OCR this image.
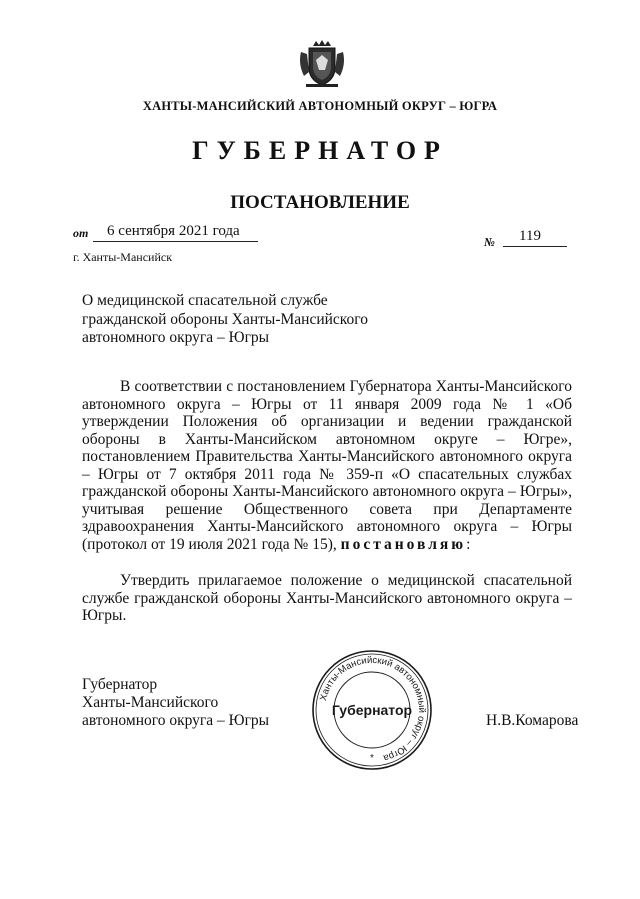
ХАНТЫ-МАНСИЙСКИЙ АВТОНОМНЫЙ ОКРУГ – ЮГРА
ГУБЕРНАТОР
ПОСТАНОВЛЕНИЕ
от 6 сентября 2021 года
№ 119
г. Ханты-Мансийск
О медицинской спасательной службе
гражданской обороны Ханты-Мансийского
автономного округа – Югры
В соответствии с постановлением Губернатора Ханты-Мансийского автономного округа – Югры от 11 января 2009 года № 1 «Об утверждении Положения об организации и ведении гражданской обороны в Ханты-Мансийском автономном округе – Югре», постановлением Правительства Ханты-Мансийского автономного округа – Югры от 7 октября 2011 года № 359-п «О спасательных службах гражданской обороны Ханты-Мансийского автономного округа – Югры», учитывая решение Общественного совета при Департаменте здравоохранения Ханты-Мансийского автономного округа – Югры (протокол от 19 июля 2021 года № 15), постановляю:
Утвердить прилагаемое положение о медицинской спасательной службе гражданской обороны Ханты-Мансийского автономного округа – Югры.
Губернатор
Ханты-Мансийского
автономного округа – Югры
Ханты-Мансийский автономный округ – Югра
Губернатор
*
Н.В.Комарова
